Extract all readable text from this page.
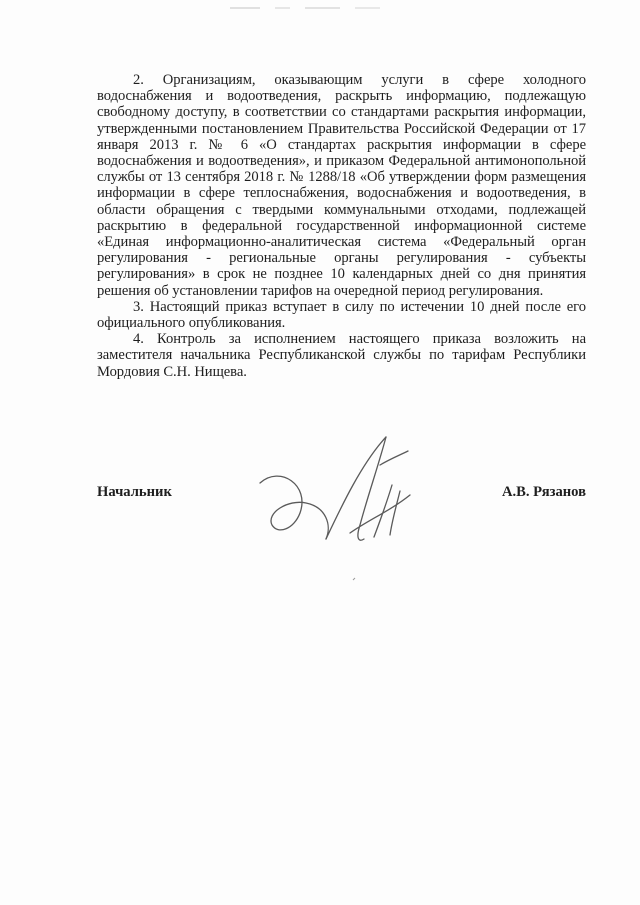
2. Организациям, оказывающим услуги в сфере холодного водоснабжения и водоотведения, раскрыть информацию, подлежащую свободному доступу, в соответствии со стандартами раскрытия информации, утвержденными постановлением Правительства Российской Федерации от 17 января 2013 г. № 6 «О стандартах раскрытия информации в сфере водоснабжения и водоотведения», и приказом Федеральной антимонопольной службы от 13 сентября 2018 г. № 1288/18 «Об утверждении форм размещения информации в сфере теплоснабжения, водоснабжения и водоотведения, в области обращения с твердыми коммунальными отходами, подлежащей раскрытию в федеральной государственной информационной системе «Единая информационно-аналитическая система «Федеральный орган регулирования - региональные органы регулирования - субъекты регулирования» в срок не позднее 10 календарных дней со дня принятия решения об установлении тарифов на очередной период регулирования.

3. Настоящий приказ вступает в силу по истечении 10 дней после его официального опубликования.

4. Контроль за исполнением настоящего приказа возложить на заместителя начальника Республиканской службы по тарифам Республики Мордовия С.Н. Нищева.

Начальник	А.В. Рязанов
